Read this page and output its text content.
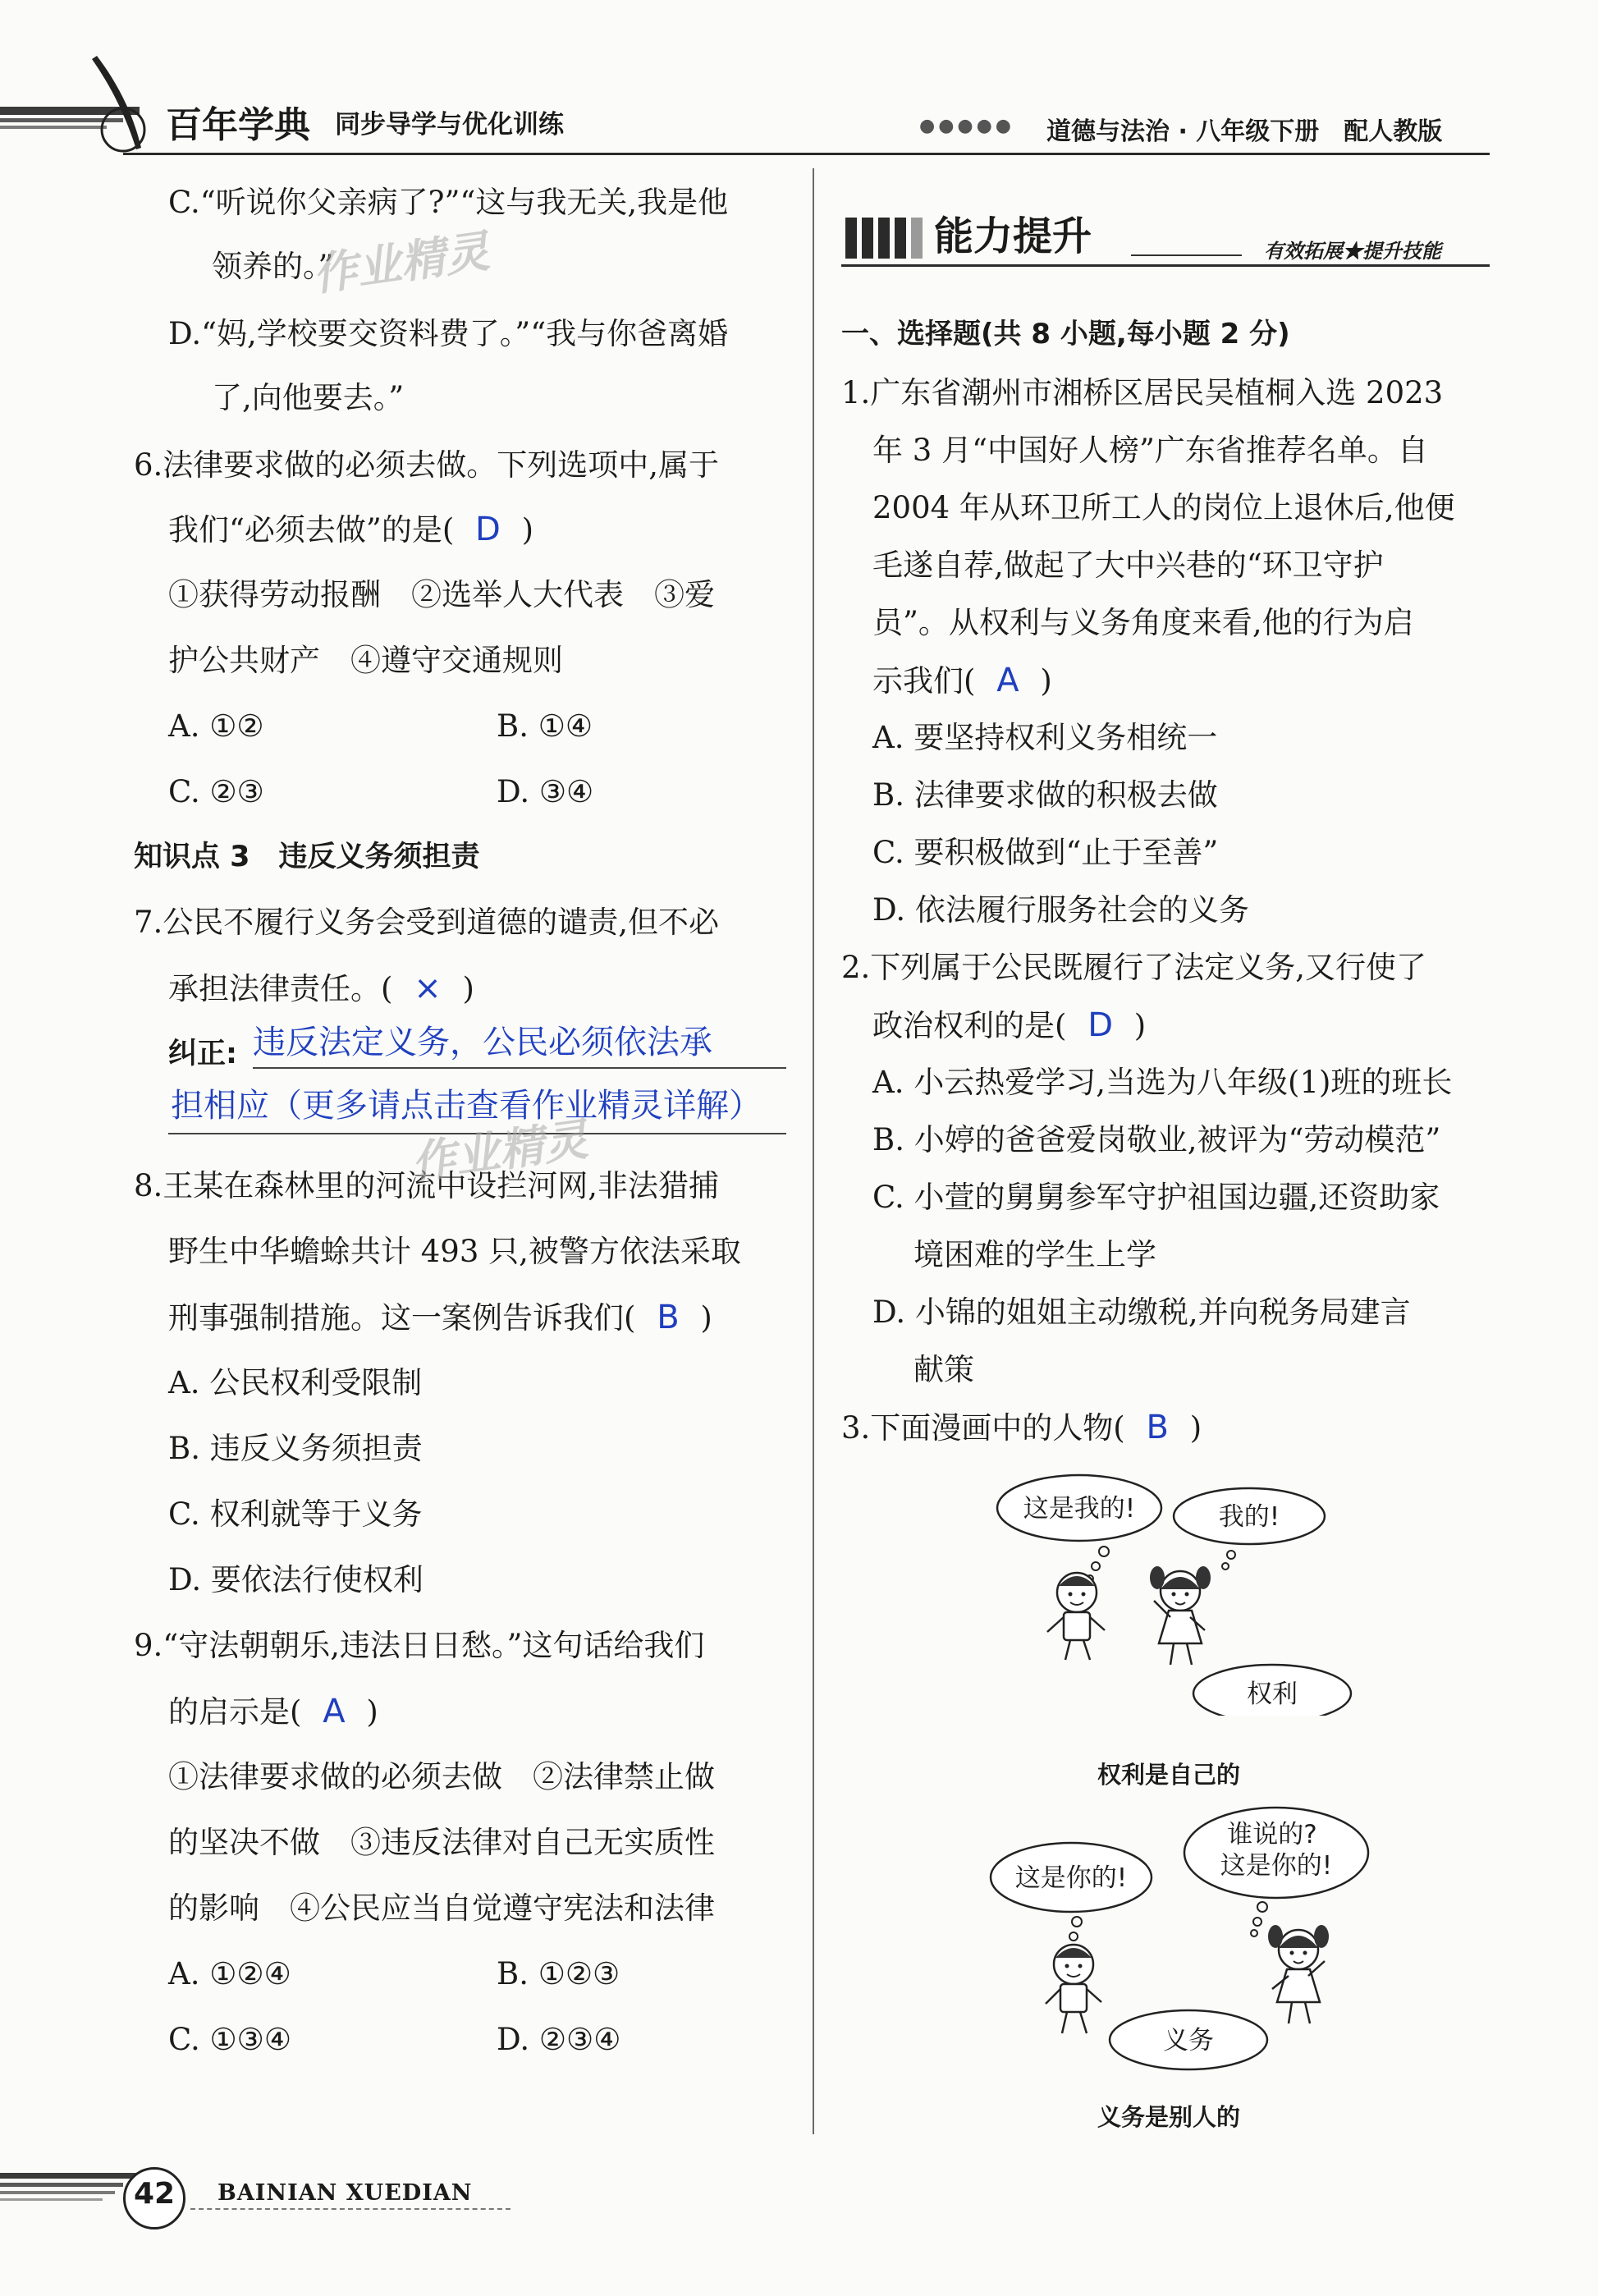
百年学典 同步导学与优化训练	●●●●● 道德与法治 · 八年级下册　配人教版
C.“听说你父亲病了?”“这与我无关,我是他
领养的。”
D.“妈,学校要交资料费了。”“我与你爸离婚
了,向他要去。”
6.法律要求做的必须去做。下列选项中,属于
我们“必须去做”的是( D )
①获得劳动报酬　②选举人大代表　③爱
护公共财产　④遵守交通规则
A. ①②	B. ①④
C. ②③	D. ③④
知识点 3　违反义务须担责
7.公民不履行义务会受到道德的谴责,但不必
承担法律责任。( × )
纠正: 违反法定义务，公民必须依法承
担相应（更多请点击查看作业精灵详解）
8.王某在森林里的河流中设拦河网,非法猎捕
野生中华蟾蜍共计 493 只,被警方依法采取
刑事强制措施。这一案例告诉我们( B )
A. 公民权利受限制
B. 违反义务须担责
C. 权利就等于义务
D. 要依法行使权利
9.“守法朝朝乐,违法日日愁。”这句话给我们
的启示是( A )
①法律要求做的必须去做　②法律禁止做
的坚决不做　③违反法律对自己无实质性
的影响　④公民应当自觉遵守宪法和法律
A. ①②④	B. ①②③
C. ①③④	D. ②③④
能力提升	有效拓展★提升技能
一、选择题(共 8 小题,每小题 2 分)
1.广东省潮州市湘桥区居民吴植桐入选 2023
年 3 月“中国好人榜”广东省推荐名单。自
2004 年从环卫所工人的岗位上退休后,他便
毛遂自荐,做起了大中兴巷的“环卫守护
员”。从权利与义务角度来看,他的行为启
示我们( A )
A. 要坚持权利义务相统一
B. 法律要求做的积极去做
C. 要积极做到“止于至善”
D. 依法履行服务社会的义务
2.下列属于公民既履行了法定义务,又行使了
政治权利的是( D )
A. 小云热爱学习,当选为八年级(1)班的班长
B. 小婷的爸爸爱岗敬业,被评为“劳动模范”
C. 小萱的舅舅参军守护祖国边疆,还资助家
境困难的学生上学
D. 小锦的姐姐主动缴税,并向税务局建言
献策
3.下面漫画中的人物( B )
这是我的!	我的!
权利
权利是自己的
这是你的!
谁说的?
这是你的!
义务
义务是别人的
作业精灵
作业精灵
42	BAINIAN XUEDIAN
